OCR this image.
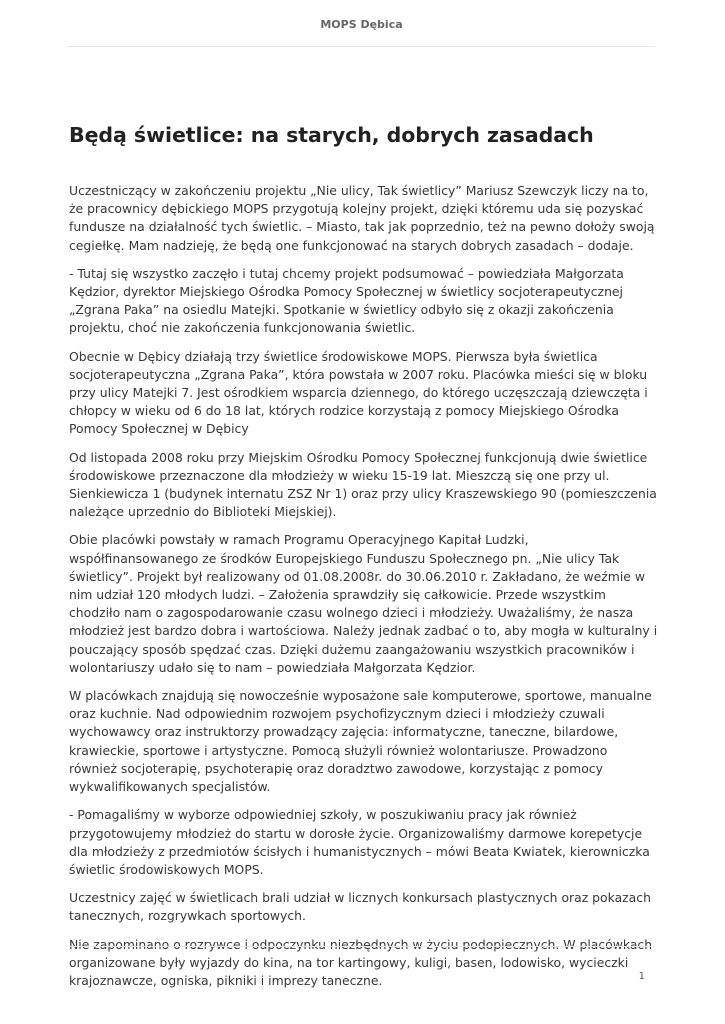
MOPS Dębica
Będą świetlice: na starych, dobrych zasadach

Uczestniczący w zakończeniu projektu „Nie ulicy, Tak świetlicy” Mariusz Szewczyk liczy na to, że pracownicy dębickiego MOPS przygotują kolejny projekt, dzięki któremu uda się pozyskać fundusze na działalność tych świetlic. – Miasto, tak jak poprzednio, też na pewno dołoży swoją cegiełkę. Mam nadzieję, że będą one funkcjonować na starych dobrych zasadach – dodaje.

- Tutaj się wszystko zaczęło i tutaj chcemy projekt podsumować – powiedziała Małgorzata Kędzior, dyrektor Miejskiego Ośrodka Pomocy Społecznej w świetlicy socjoterapeutycznej „Zgrana Paka” na osiedlu Matejki. Spotkanie w świetlicy odbyło się z okazji zakończenia projektu, choć nie zakończenia funkcjonowania świetlic.

Obecnie w Dębicy działają trzy świetlice środowiskowe MOPS. Pierwsza była świetlica socjoterapeutyczna „Zgrana Paka”, która powstała w 2007 roku. Placówka mieści się w bloku przy ulicy Matejki 7. Jest ośrodkiem wsparcia dziennego, do którego uczęszczają dziewczęta i chłopcy w wieku od 6 do 18 lat, których rodzice korzystają z pomocy Miejskiego Ośrodka Pomocy Społecznej w Dębicy

Od listopada 2008 roku przy Miejskim Ośrodku Pomocy Społecznej funkcjonują dwie świetlice środowiskowe przeznaczone dla młodzieży w wieku 15-19 lat. Mieszczą się one przy ul. Sienkiewicza 1 (budynek internatu ZSZ Nr 1) oraz przy ulicy Kraszewskiego 90 (pomieszczenia należące uprzednio do Biblioteki Miejskiej).

Obie placówki powstały w ramach Programu Operacyjnego Kapitał Ludzki, współfinansowanego ze środków Europejskiego Funduszu Społecznego pn. „Nie ulicy Tak świetlicy”. Projekt był realizowany od 01.08.2008r. do 30.06.2010 r. Zakładano, że weźmie w nim udział 120 młodych ludzi. – Założenia sprawdziły się całkowicie. Przede wszystkim chodziło nam o zagospodarowanie czasu wolnego dzieci i młodzieży. Uważaliśmy, że nasza młodzież jest bardzo dobra i wartościowa. Należy jednak zadbać o to, aby mogła w kulturalny i pouczający sposób spędzać czas. Dzięki dużemu zaangażowaniu wszystkich pracowników i wolontariuszy udało się to nam – powiedziała Małgorzata Kędzior.

W placówkach znajdują się nowocześnie wyposażone sale komputerowe, sportowe, manualne oraz kuchnie. Nad odpowiednim rozwojem psychofizycznym dzieci i młodzieży czuwali wychowawcy oraz instruktorzy prowadzący zajęcia: informatyczne, taneczne, bilardowe, krawieckie, sportowe i artystyczne. Pomocą służyli również wolontariusze. Prowadzono również socjoterapię, psychoterapię oraz doradztwo zawodowe, korzystając z pomocy wykwalifikowanych specjalistów.

- Pomagaliśmy w wyborze odpowiedniej szkoły, w poszukiwaniu pracy jak również przygotowujemy młodzież do startu w dorosłe życie. Organizowaliśmy darmowe korepetycje dla młodzieży z przedmiotów ścisłych i humanistycznych – mówi Beata Kwiatek, kierowniczka świetlic środowiskowych MOPS.

Uczestnicy zajęć w świetlicach brali udział w licznych konkursach plastycznych oraz pokazach tanecznych, rozgrywkach sportowych.

Nie zapominano o rozrywce i odpoczynku niezbędnych w życiu podopiecznych. W placówkach organizowane były wyjazdy do kina, na tor kartingowy, kuligi, basen, lodowisko, wycieczki krajoznawcze, ogniska, pikniki i imprezy taneczne.	1
